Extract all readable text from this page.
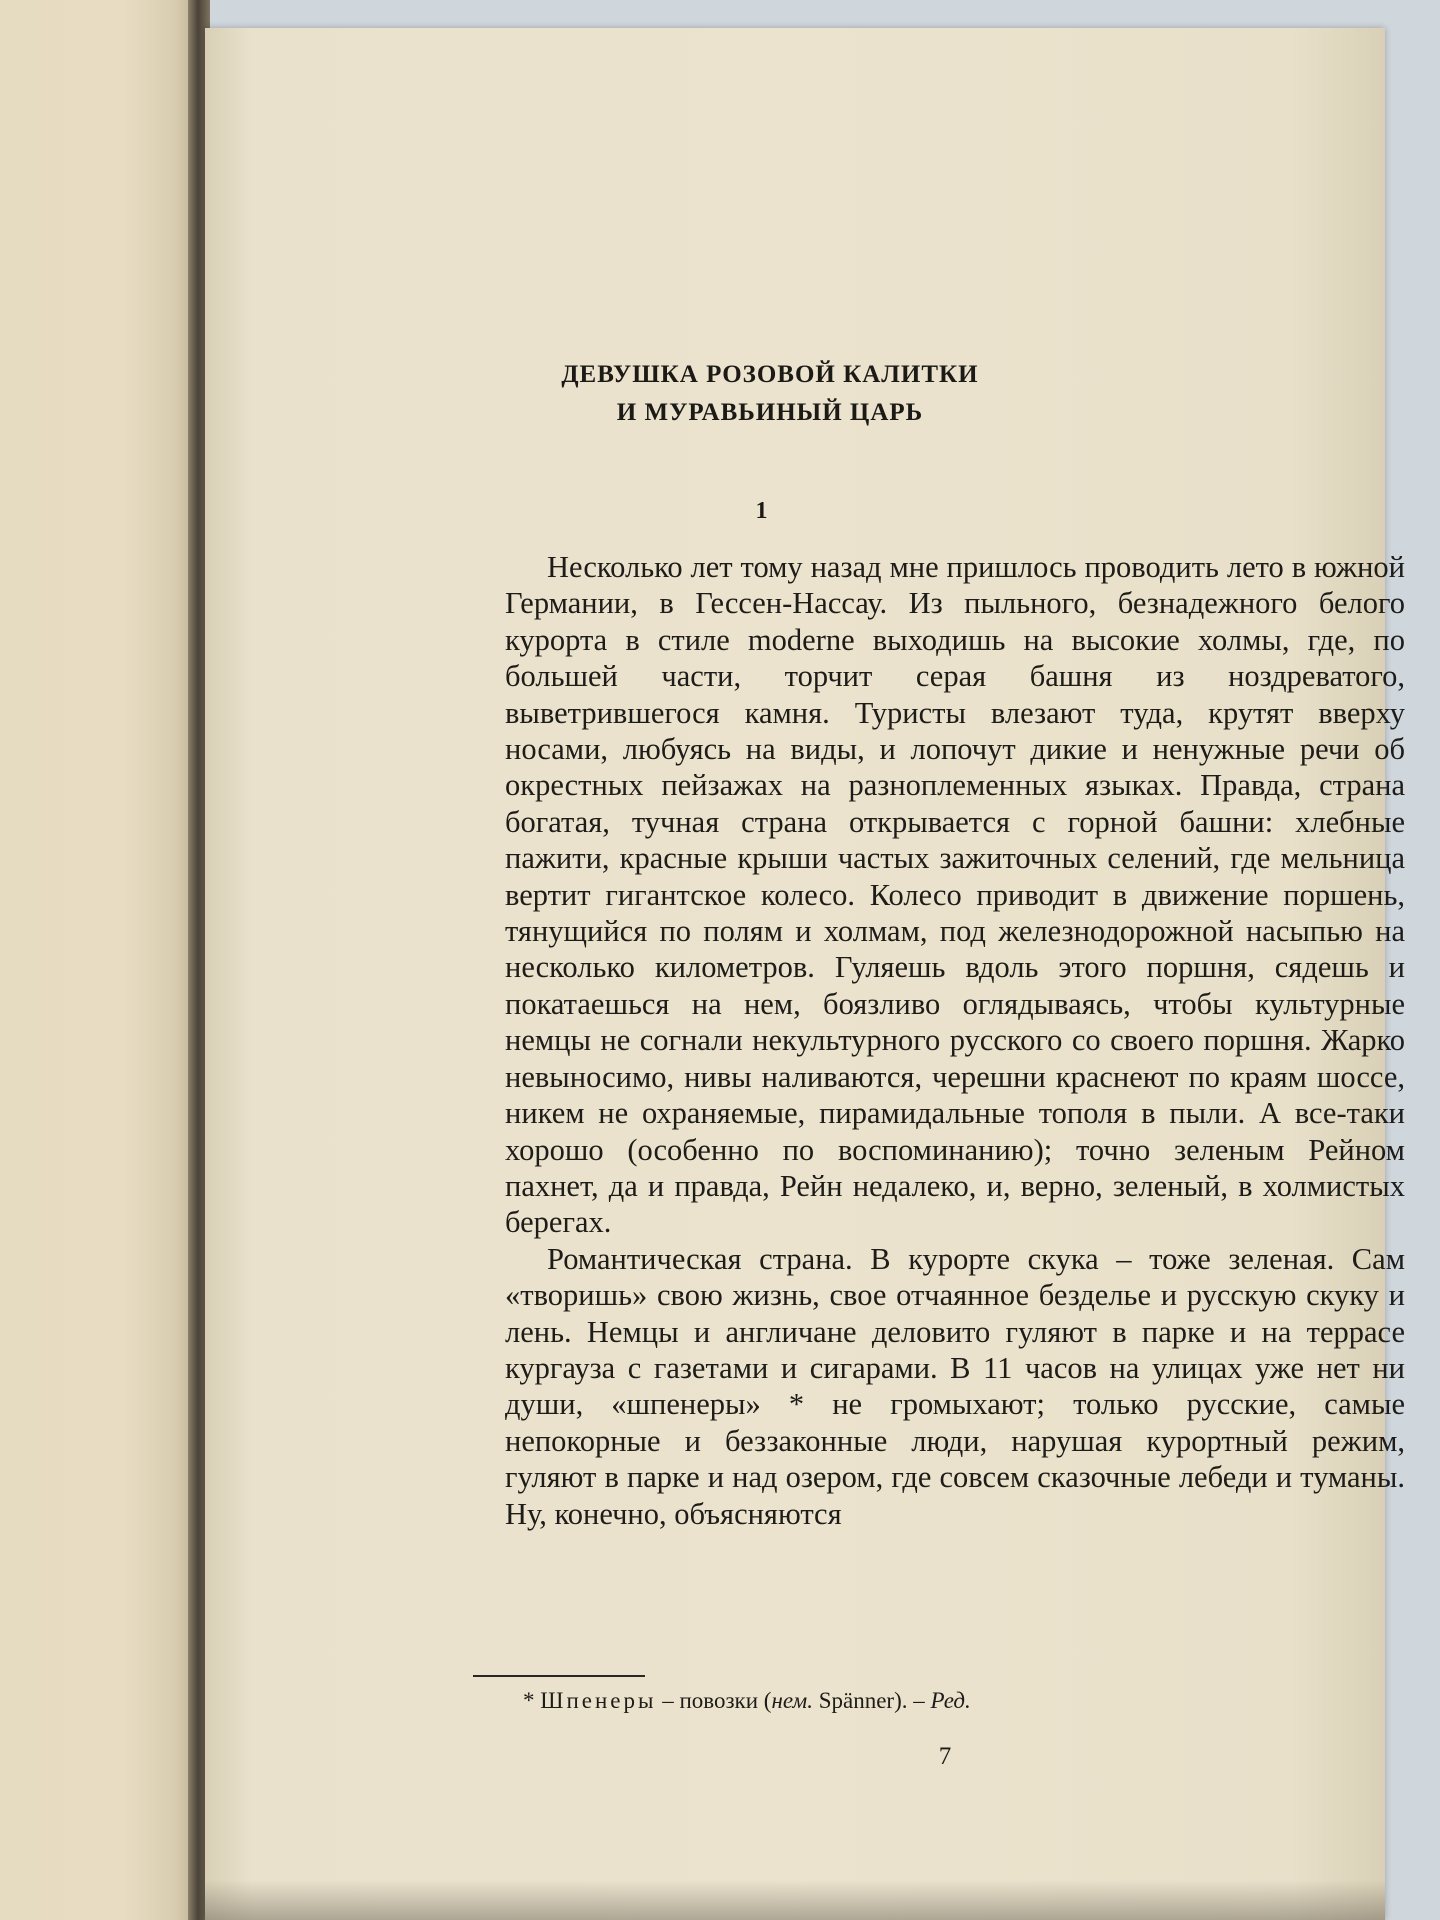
ДЕВУШКА РОЗОВОЙ КАЛИТКИ
И МУРАВЬИНЫЙ ЦАРЬ
1

Несколько лет тому назад мне пришлось проводить лето в южной Германии, в Гессен-Нассау. Из пыльного, безнадежного белого курорта в стиле moderne выходишь на высокие холмы, где, по большей части, торчит серая башня из ноздреватого, выветрившегося камня. Туристы влезают туда, крутят вверху носами, любуясь на виды, и лопочут дикие и ненужные речи об окрестных пейзажах на разноплеменных языках. Правда, страна богатая, тучная страна открывается с горной башни: хлебные пажити, красные крыши частых зажиточных селений, где мельница вертит гигантское колесо. Колесо приводит в движение поршень, тянущийся по полям и холмам, под железнодорожной насыпью на несколько километров. Гуляешь вдоль этого поршня, сядешь и покатаешься на нем, боязливо оглядываясь, чтобы культурные немцы не согнали некультурного русского со своего поршня. Жарко невыносимо, нивы наливаются, черешни краснеют по краям шоссе, никем не охраняемые, пирамидальные тополя в пыли. А все-таки хорошо (особенно по воспоминанию); точно зеленым Рейном пахнет, да и правда, Рейн недалеко, и, верно, зеленый, в холмистых берегах.

Романтическая страна. В курорте скука – тоже зеленая. Сам «творишь» свою жизнь, свое отчаянное безделье и русскую скуку и лень. Немцы и англичане деловито гуляют в парке и на террасе кургауза с газетами и сигарами. В 11 часов на улицах уже нет ни души, «шпенеры» * не громыхают; только русские, самые непокорные и беззаконные люди, нарушая курортный режим, гуляют в парке и над озером, где совсем сказочные лебеди и туманы. Ну, конечно, объясняются

* Шпенеры – повозки (нем. Spänner). – Ред.
7
